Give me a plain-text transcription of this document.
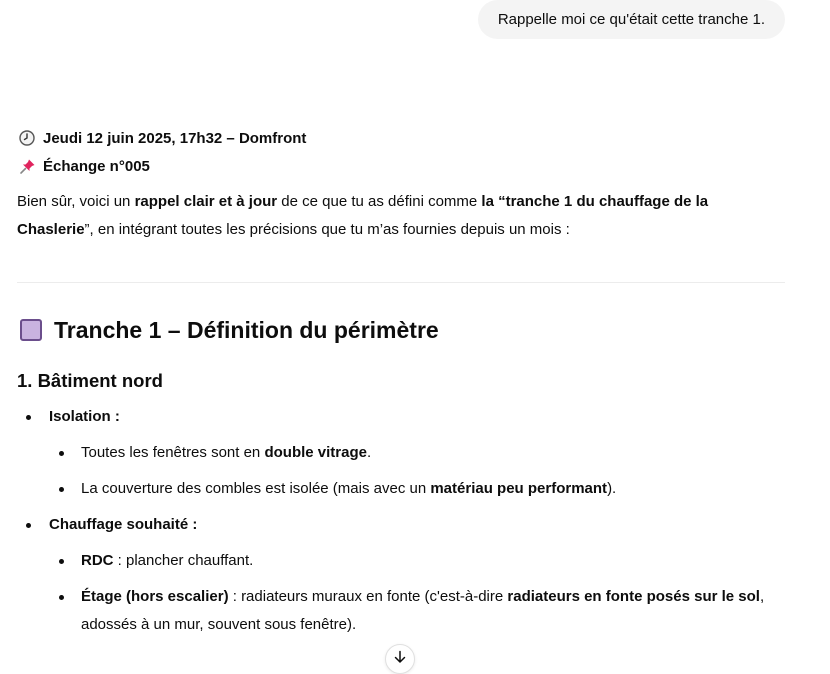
Rappelle moi ce qu'était cette tranche 1.
Jeudi 12 juin 2025, 17h32 – Domfront
Échange n°005

Bien sûr, voici un rappel clair et à jour de ce que tu as défini comme la “tranche 1 du chauffage de la Chaslerie”, en intégrant toutes les précisions que tu m’as fournies depuis un mois :

Tranche 1 – Définition du périmètre
1. Bâtiment nord
Isolation :
Toutes les fenêtres sont en double vitrage.
La couverture des combles est isolée (mais avec un matériau peu performant).
Chauffage souhaité :
RDC : plancher chauffant.
Étage (hors escalier) : radiateurs muraux en fonte (c'est-à-dire radiateurs en fonte posés sur le sol, adossés à un mur, souvent sous fenêtre).
